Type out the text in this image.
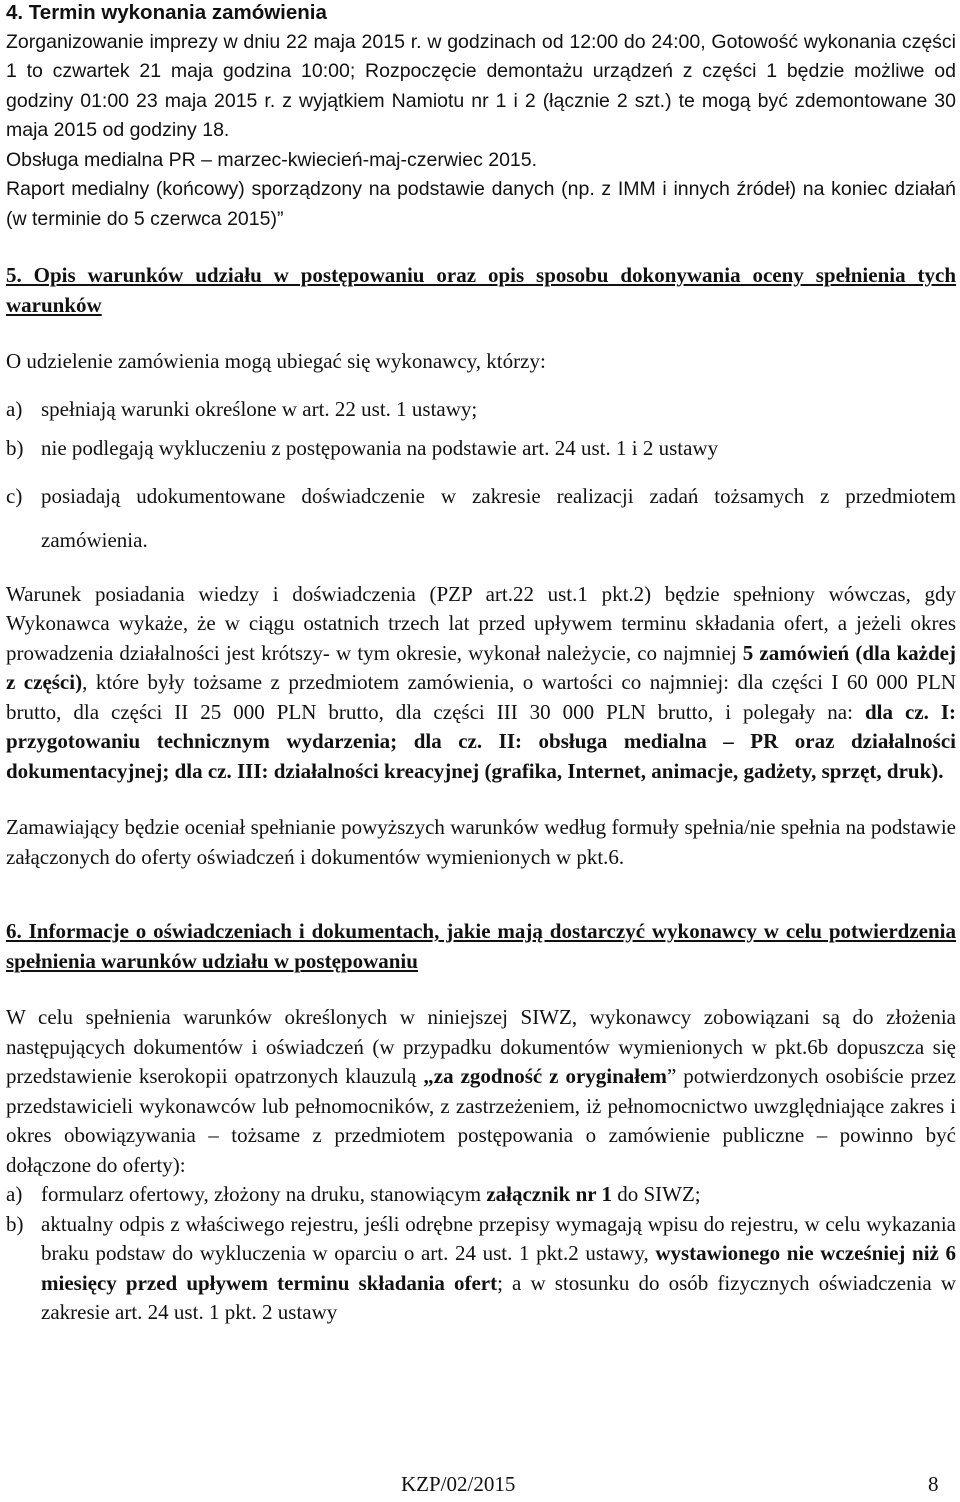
4. Termin wykonania zamówienia

Zorganizowanie imprezy w dniu 22 maja 2015 r. w godzinach od 12:00 do 24:00, Gotowość wykonania części 1 to czwartek 21 maja godzina 10:00; Rozpoczęcie demontażu urządzeń z części 1 będzie możliwe od godziny 01:00 23 maja 2015 r. z wyjątkiem Namiotu nr 1 i 2 (łącznie 2 szt.) te mogą być zdemontowane 30 maja 2015 od godziny 18.

Obsługa medialna PR – marzec-kwiecień-maj-czerwiec 2015.

Raport medialny (końcowy) sporządzony na podstawie danych (np. z IMM i innych źródeł) na koniec działań (w terminie do 5 czerwca 2015)”

5. Opis warunków udziału w postępowaniu oraz opis sposobu dokonywania oceny spełnienia tych warunków

O udzielenie zamówienia mogą ubiegać się wykonawcy, którzy:

a) spełniają warunki określone w art. 22 ust. 1 ustawy;
b) nie podlegają wykluczeniu z postępowania na podstawie art. 24 ust. 1 i 2 ustawy
c) posiadają udokumentowane doświadczenie w zakresie realizacji zadań tożsamych z przedmiotem zamówienia.

Warunek posiadania wiedzy i doświadczenia (PZP art.22 ust.1 pkt.2) będzie spełniony wówczas, gdy Wykonawca wykaże, że w ciągu ostatnich trzech lat przed upływem terminu składania ofert, a jeżeli okres prowadzenia działalności jest krótszy- w tym okresie, wykonał należycie, co najmniej 5 zamówień (dla każdej z części), które były tożsame z przedmiotem zamówienia, o wartości co najmniej: dla części I 60 000 PLN brutto, dla części II 25 000 PLN brutto, dla części III 30 000 PLN brutto, i polegały na: dla cz. I: przygotowaniu technicznym wydarzenia; dla cz. II: obsługa medialna – PR oraz działalności dokumentacyjnej; dla cz. III: działalności kreacyjnej (grafika, Internet, animacje, gadżety, sprzęt, druk).

Zamawiający będzie oceniał spełnianie powyższych warunków według formuły spełnia/nie spełnia na podstawie załączonych do oferty oświadczeń i dokumentów wymienionych w pkt.6.

6. Informacje o oświadczeniach i dokumentach, jakie mają dostarczyć wykonawcy w celu potwierdzenia spełnienia warunków udziału w postępowaniu

W celu spełnienia warunków określonych w niniejszej SIWZ, wykonawcy zobowiązani są do złożenia następujących dokumentów i oświadczeń (w przypadku dokumentów wymienionych w pkt.6b dopuszcza się przedstawienie kserokopii opatrzonych klauzulą „za zgodność z oryginałem” potwierdzonych osobiście przez przedstawicieli wykonawców lub pełnomocników, z zastrzeżeniem, iż pełnomocnictwo uwzględniające zakres i okres obowiązywania – tożsame z przedmiotem postępowania o zamówienie publiczne – powinno być dołączone do oferty):

a) formularz ofertowy, złożony na druku, stanowiącym załącznik nr 1 do SIWZ;
b) aktualny odpis z właściwego rejestru, jeśli odrębne przepisy wymagają wpisu do rejestru, w celu wykazania braku podstaw do wykluczenia w oparciu o art. 24 ust. 1 pkt.2 ustawy, wystawionego nie wcześniej niż 6 miesięcy przed upływem terminu składania ofert; a w stosunku do osób fizycznych oświadczenia w zakresie art. 24 ust. 1 pkt. 2 ustawy
KZP/02/2015	8
